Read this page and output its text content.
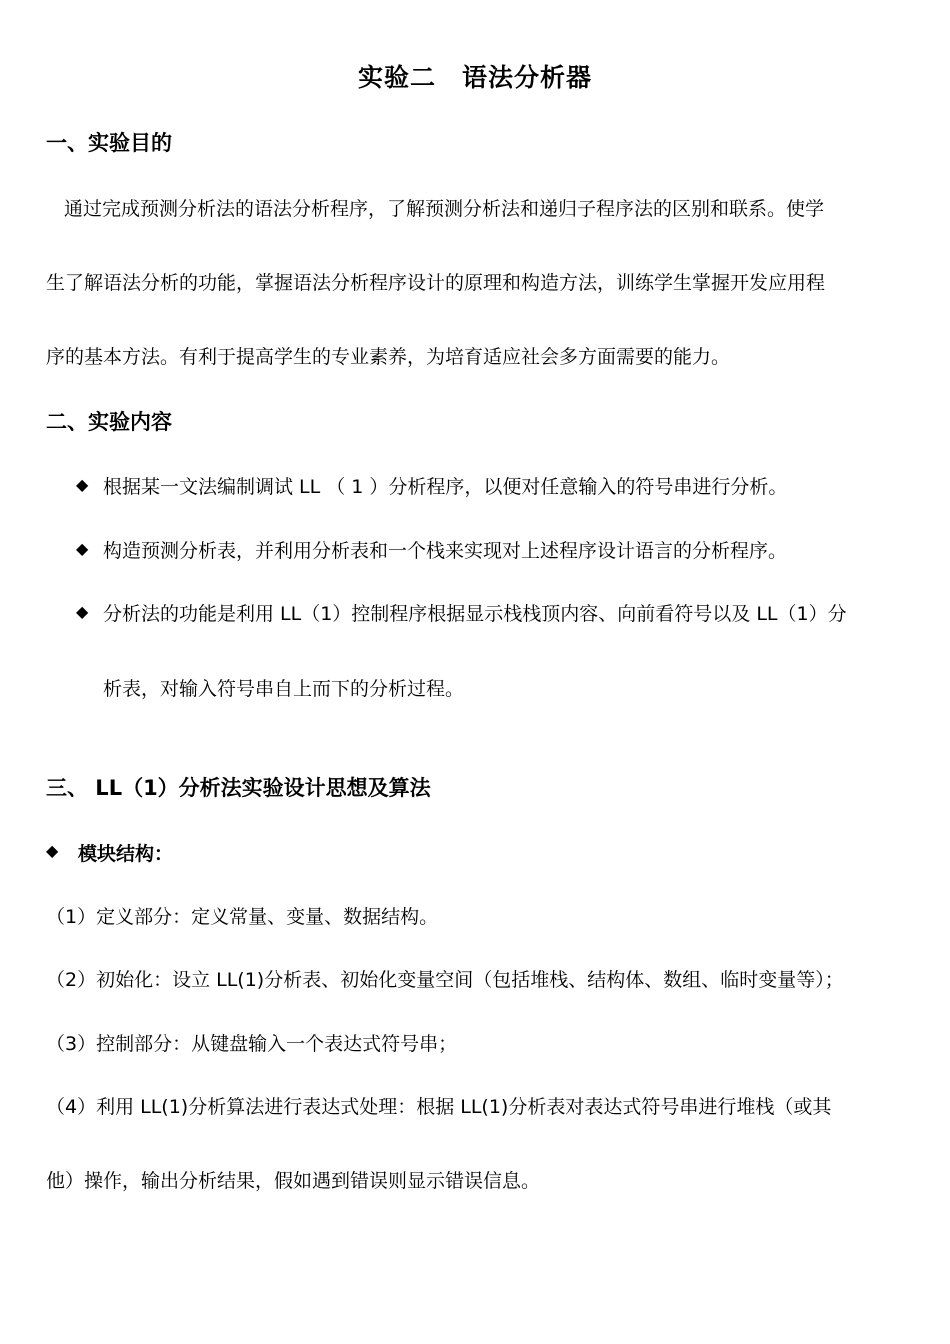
实验二　语法分析器
一、实验目的
通过完成预测分析法的语法分析程序，了解预测分析法和递归子程序法的区别和联系。使学
生了解语法分析的功能，掌握语法分析程序设计的原理和构造方法，训练学生掌握开发应用程
序的基本方法。有利于提高学生的专业素养，为培育适应社会多方面需要的能力。
二、实验内容
◆ 根据某一文法编制调试 LL （ 1 ）分析程序，以便对任意输入的符号串进行分析。
◆ 构造预测分析表，并利用分析表和一个栈来实现对上述程序设计语言的分析程序。
◆ 分析法的功能是利用 LL（1）控制程序根据显示栈栈顶内容、向前看符号以及 LL（1）分
析表，对输入符号串自上而下的分析过程。
三、 LL（1）分析法实验设计思想及算法
◆ 模块结构：
（1）定义部分：定义常量、变量、数据结构。
（2）初始化：设立 LL(1)分析表、初始化变量空间（包括堆栈、结构体、数组、临时变量等）；
（3）控制部分：从键盘输入一个表达式符号串；
（4）利用 LL(1)分析算法进行表达式处理：根据 LL(1)分析表对表达式符号串进行堆栈（或其
他）操作，输出分析结果，假如遇到错误则显示错误信息。
